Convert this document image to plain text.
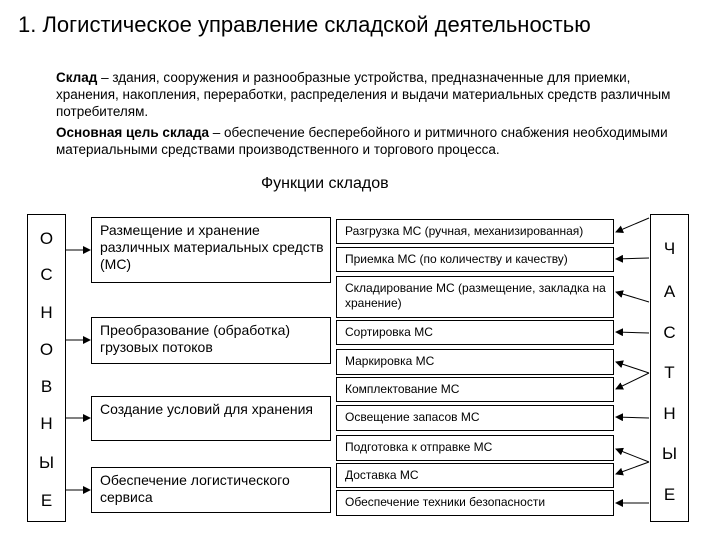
1. Логистическое управление складской деятельностью
Склад – здания, сооружения и разнообразные устройства, предназначенные для приемки, хранения, накопления, переработки, распределения и выдачи материальных средств различным потребителям.
Основная цель склада – обеспечение бесперебойного и ритмичного снабжения необходимыми материальными средствами производственного и торгового процесса.
Функции складов
О
С
Н
О
В
Н
Ы
Е
Ч
А
С
Т
Н
Ы
Е
Размещение и хранение различных материальных средств (МС)
Преобразование (обработка) грузовых потоков
Создание условий для хранения
Обеспечение логистического сервиса
Разгрузка МС (ручная, механизированная)
Приемка МС (по количеству и качеству)
Складирование МС (размещение, закладка на хранение)
Сортировка МС
Маркировка МС
Комплектование МС
Освещение запасов МС
Подготовка к отправке МС
Доставка МС
Обеспечение техники безопасности
